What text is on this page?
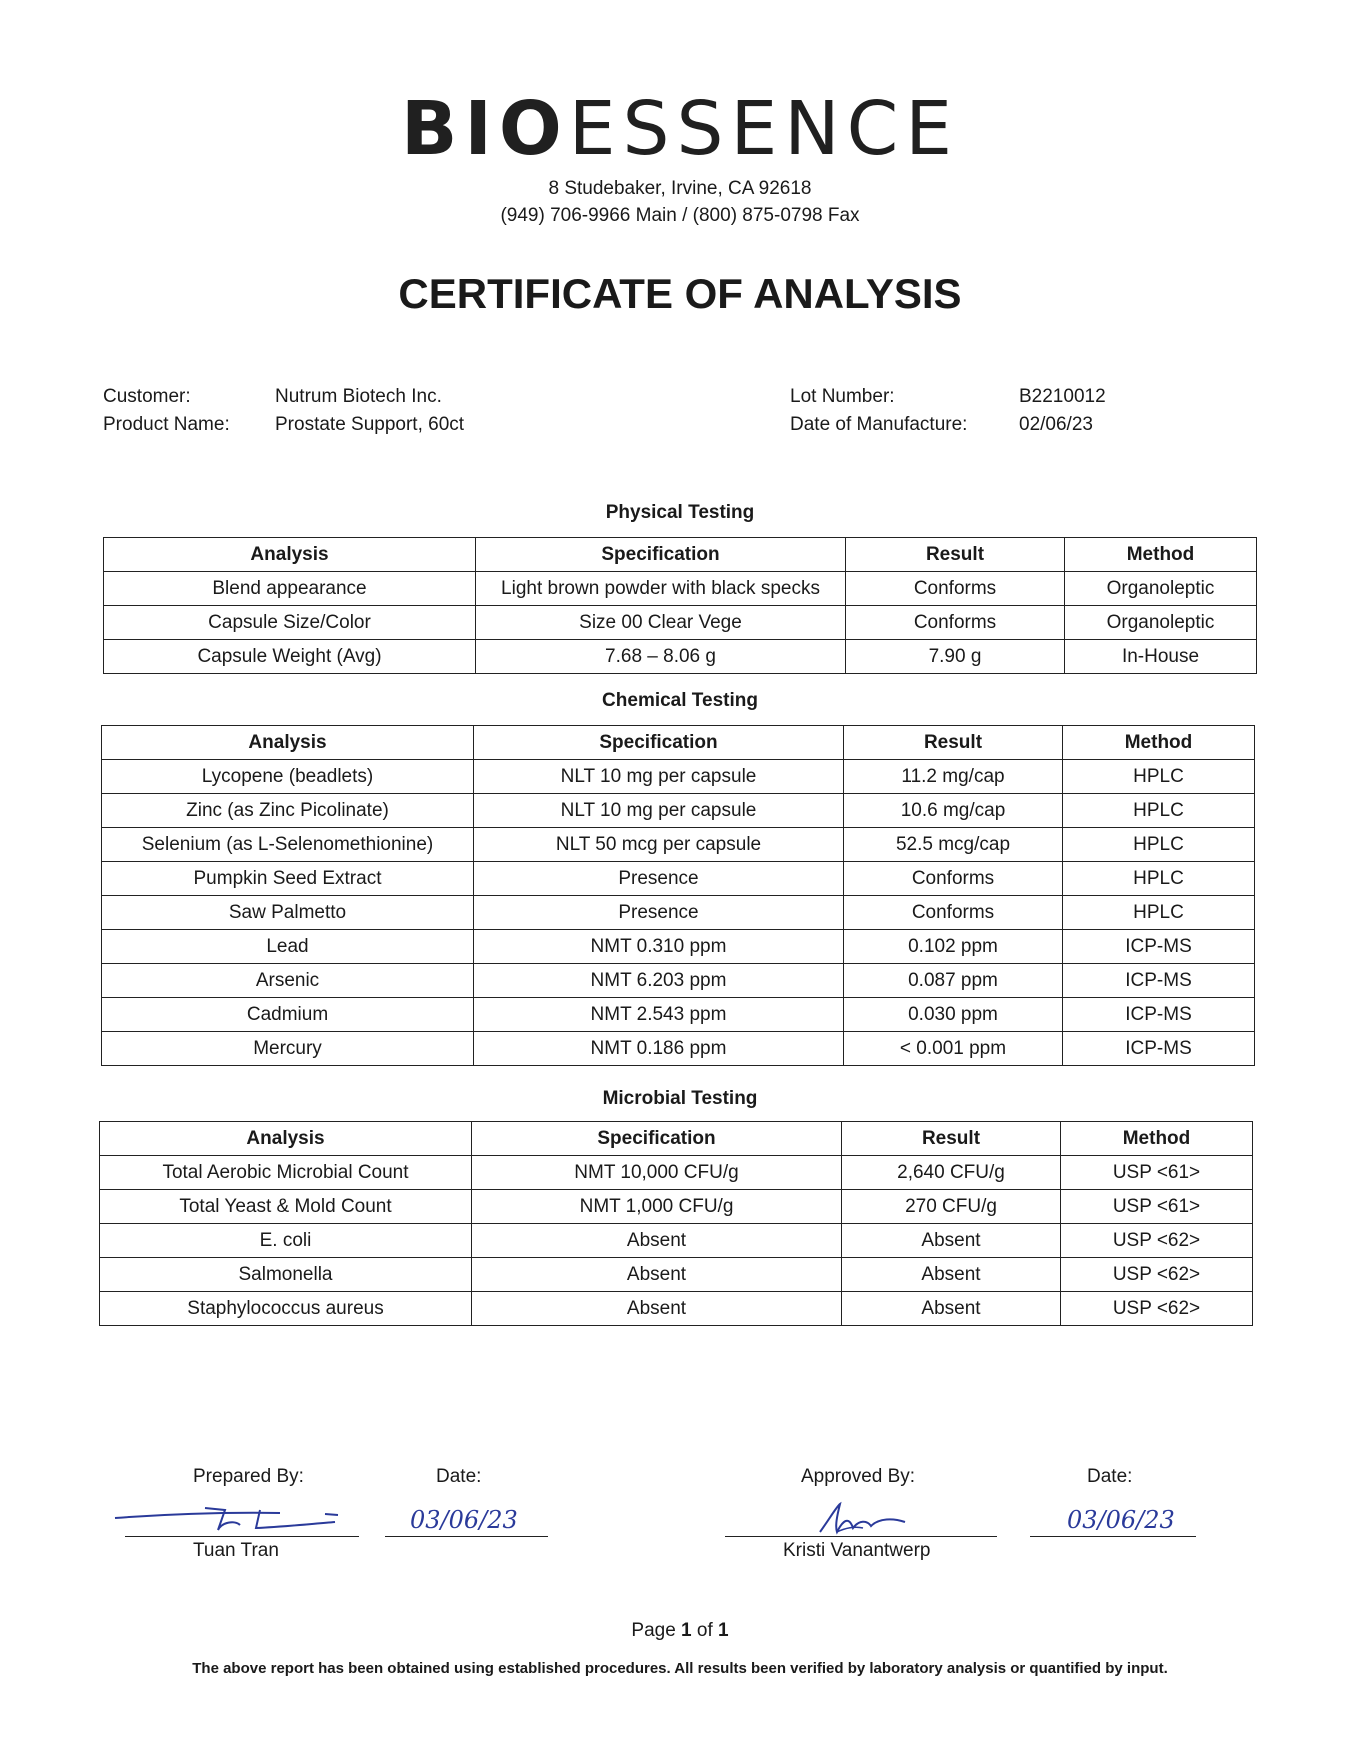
BIOESSENCE
8 Studebaker, Irvine, CA 92618
(949) 706-9966 Main / (800) 875-0798 Fax
CERTIFICATE OF ANALYSIS
Customer:	Nutrum Biotech Inc.
Product Name: Prostate Support, 60ct
Lot Number:	B2210012
Date of Manufacture:	02/06/23
Physical Testing
Analysis	Specification	Result	Method
Blend appearance	Light brown powder with black specks	Conforms	Organoleptic
Capsule Size/Color	Size 00 Clear Vege	Conforms	Organoleptic
Capsule Weight (Avg)	7.68 – 8.06 g	7.90 g	In-House
Chemical Testing
Analysis	Specification	Result	Method
Lycopene (beadlets)	NLT 10 mg per capsule	11.2 mg/cap	HPLC
Zinc (as Zinc Picolinate)	NLT 10 mg per capsule	10.6 mg/cap	HPLC
Selenium (as L-Selenomethionine)	NLT 50 mcg per capsule	52.5 mcg/cap	HPLC
Pumpkin Seed Extract	Presence	Conforms	HPLC
Saw Palmetto	Presence	Conforms	HPLC
Lead	NMT 0.310 ppm	0.102 ppm	ICP-MS
Arsenic	NMT 6.203 ppm	0.087 ppm	ICP-MS
Cadmium	NMT 2.543 ppm	0.030 ppm	ICP-MS
Mercury	NMT 0.186 ppm	< 0.001 ppm	ICP-MS
Microbial Testing
Analysis	Specification	Result	Method
Total Aerobic Microbial Count	NMT 10,000 CFU/g	2,640 CFU/g	USP <61>
Total Yeast & Mold Count	NMT 1,000 CFU/g	270 CFU/g	USP <61>
E. coli	Absent	Absent	USP <62>
Salmonella	Absent	Absent	USP <62>
Staphylococcus aureus	Absent	Absent	USP <62>
Prepared By:	Date:	Approved By:	Date:
03/06/23	03/06/23
Tuan Tran	Kristi Vanantwerp
Page 1 of 1
The above report has been obtained using established procedures. All results been verified by laboratory analysis or quantified by input.
